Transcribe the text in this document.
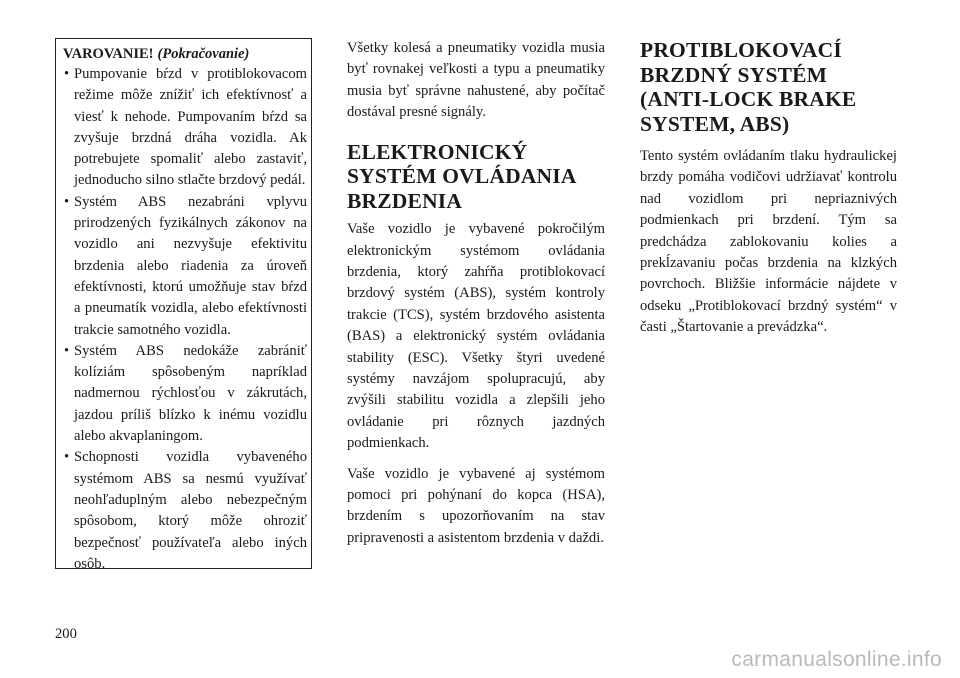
VAROVANIE! (Pokračovanie)
• Pumpovanie bŕzd v protiblokovacom režime môže znížiť ich efektívnosť a viesť k nehode. Pumpovaním bŕzd sa zvyšuje brzdná dráha vozidla. Ak potrebujete spomaliť alebo zastaviť, jednoducho silno stlačte brzdový pedál.
• Systém ABS nezabráni vplyvu prirodzených fyzikálnych zákonov na vozidlo ani nezvyšuje efektivitu brzdenia alebo riadenia za úroveň efektívnosti, ktorú umožňuje stav bŕzd a pneumatík vozidla, alebo efektívnosti trakcie samotného vozidla.
• Systém ABS nedokáže zabrániť kolíziám spôsobeným napríklad nadmernou rýchlosťou v zákrutách, jazdou príliš blízko k inému vozidlu alebo akvaplaningom.
• Schopnosti vozidla vybaveného systémom ABS sa nesmú využívať neohľaduplným alebo nebezpečným spôsobom, ktorý môže ohroziť bezpečnosť používateľa alebo iných osôb.

Všetky kolesá a pneumatiky vozidla musia byť rovnakej veľkosti a typu a pneumatiky musia byť správne nahustené, aby počítač dostával presné signály.

ELEKTRONICKÝ SYSTÉM OVLÁDANIA BRZDENIA

Vaše vozidlo je vybavené pokročilým elektronickým systémom ovládania brzdenia, ktorý zahŕňa protiblokovací brzdový systém (ABS), systém kontroly trakcie (TCS), systém brzdového asistenta (BAS) a elektronický systém ovládania stability (ESC). Všetky štyri uvedené systémy navzájom spolupracujú, aby zvýšili stabilitu vozidla a zlepšili jeho ovládanie pri rôznych jazdných podmienkach.

Vaše vozidlo je vybavené aj systémom pomoci pri pohýnaní do kopca (HSA), brzdením s upozorňovaním na stav pripravenosti a asistentom brzdenia v daždi.

PROTIBLOKOVACÍ BRZDNÝ SYSTÉM (ANTI-LOCK BRAKE SYSTEM, ABS)

Tento systém ovládaním tlaku hydraulickej brzdy pomáha vodičovi udržiavať kontrolu nad vozidlom pri nepriaznivých podmienkach pri brzdení. Tým sa predchádza zablokovaniu kolies a prekĺzavaniu počas brzdenia na klzkých povrchoch. Bližšie informácie nájdete v odseku „Protiblokovací brzdný systém“ v časti „Štartovanie a prevádzka“.

200
carmanualsonline.info
